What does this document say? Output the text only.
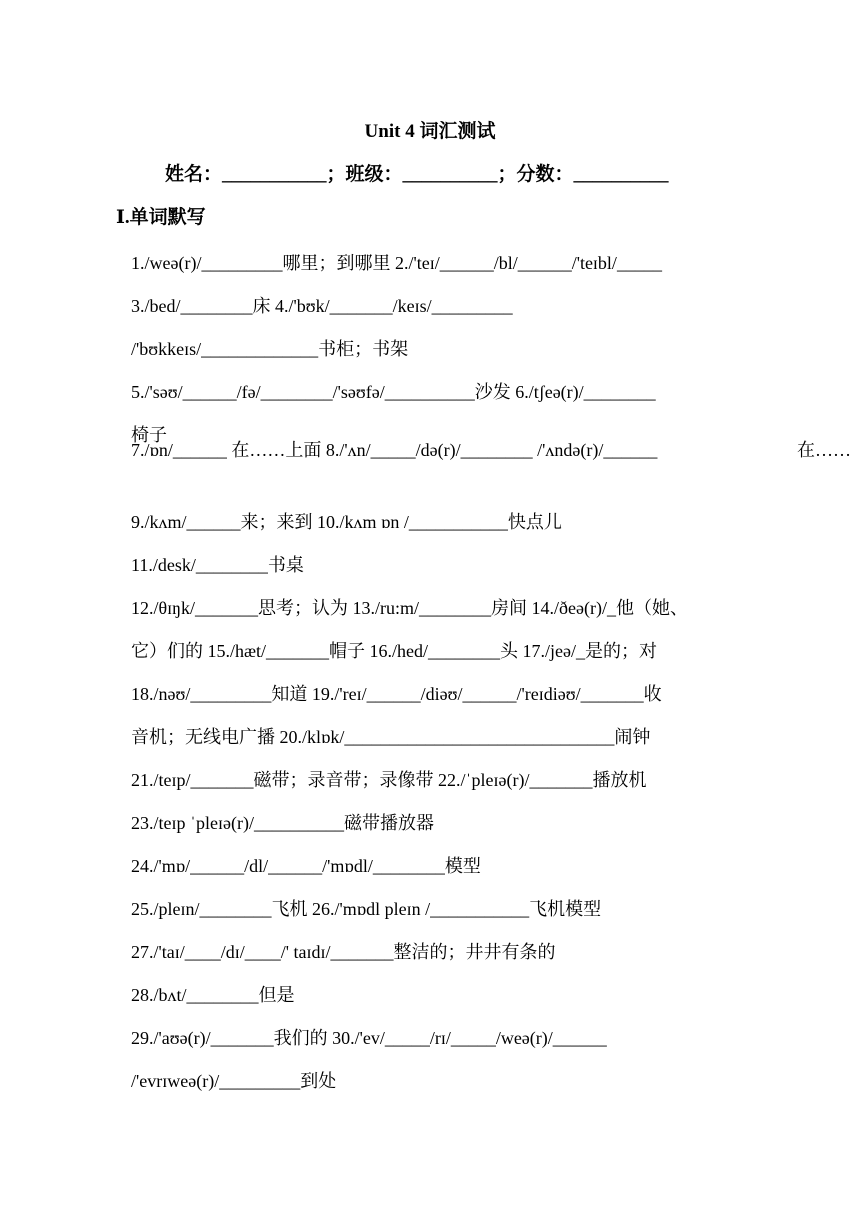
Unit 4 词汇测试
姓名：___________；班级：__________；分数：__________
Ⅰ.单词默写
1./weə(r)/_________哪里；到哪里 2./'teɪ/______/bl/______/'teɪbl/_____
3./bed/________床 4./'bʊk/_______/keɪs/_________
/'bʊkkeɪs/_____________书柜；书架
5./'səʊ/______/fə/________/'səʊfə/__________沙发 6./tʃeə(r)/________
椅子
7./ɒn/______ 在……上面 8./'ʌn/_____/də(r)/________ /'ʌndə(r)/______
9./kʌm/______来；来到 10./kʌm ɒn /___________快点儿
11./desk/________书桌
12./θɪŋk/_______思考；认为 13./ru:m/________房间 14./ðeə(r)/_他（她、
它）们的 15./hæt/_______帽子 16./hed/________头 17./jeə/_是的；对
18./nəʊ/_________知道 19./'reɪ/______/diəʊ/______/'reɪdiəʊ/_______收
音机；无线电广播 20./klɒk/______________________________闹钟
21./teɪp/_______磁带；录音带；录像带 22./ˈpleɪə(r)/_______播放机
23./teɪp ˈpleɪə(r)/__________磁带播放器
24./'mɒ/______/dl/______/'mɒdl/________模型
25./pleɪn/________飞机 26./'mɒdl pleɪn /___________飞机模型
27./'taɪ/____/dɪ/____/' taɪdɪ/_______整洁的；井井有条的
28./bʌt/________但是
29./'aʊə(r)/_______我们的 30./'ev/_____/rɪ/_____/weə(r)/______
/'evrɪweə(r)/_________到处
在……
